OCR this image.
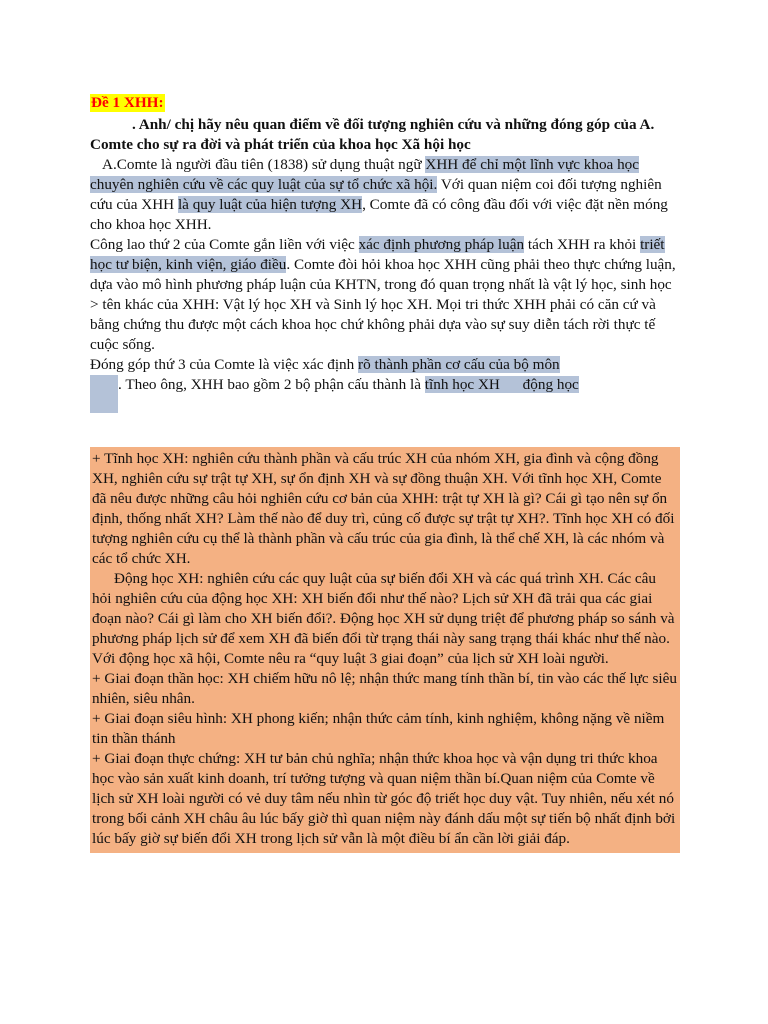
Đề 1 XHH:

. Anh/ chị hãy nêu quan điểm về đối tượng nghiên cứu và những đóng góp của A. Comte cho sự ra đời và phát triển của khoa học Xã hội học

A.Comte là người đầu tiên (1838) sử dụng thuật ngữ XHH để chỉ một lĩnh vực khoa học chuyên nghiên cứu về các quy luật của sự tổ chức xã hội. Với quan niệm coi đối tượng nghiên cứu của XHH là quy luật của hiện tượng XH, Comte đã có công đầu đối với việc đặt nền móng cho khoa học XHH.

Công lao thứ 2 của Comte gắn liền với việc xác định phương pháp luận tách XHH ra khỏi triết học tư biện, kinh viện, giáo điều. Comte đòi hỏi khoa học XHH cũng phải theo thực chứng luận, dựa vào mô hình phương pháp luận của KHTN, trong đó quan trọng nhất là vật lý học, sinh học > tên khác của XHH: Vật lý học XH và Sinh lý học XH. Mọi tri thức XHH phải có căn cứ và bằng chứng thu được một cách khoa học chứ không phải dựa vào sự suy diễn tách rời thực tế cuộc sống.

Đóng góp thứ 3 của Comte là việc xác định rõ thành phần cơ cấu của bộ môn
. Theo ông, XHH bao gồm 2 bộ phận cấu thành là tĩnh học XH động học

+ Tĩnh học XH: nghiên cứu thành phần và cấu trúc XH của nhóm XH, gia đình và cộng đồng XH, nghiên cứu sự trật tự XH, sự ổn định XH và sự đồng thuận XH. Với tĩnh học XH, Comte đã nêu được những câu hỏi nghiên cứu cơ bản của XHH: trật tự XH là gì? Cái gì tạo nên sự ổn định, thống nhất XH? Làm thế nào để duy trì, củng cố được sự trật tự XH?. Tĩnh học XH có đối tượng nghiên cứu cụ thể là thành phần và cấu trúc của gia đình, là thể chế XH, là các nhóm và các tổ chức XH.

Động học XH: nghiên cứu các quy luật của sự biến đổi XH và các quá trình XH. Các câu hỏi nghiên cứu của động học XH: XH biến đổi như thế nào? Lịch sử XH đã trải qua các giai đoạn nào? Cái gì làm cho XH biến đổi?. Động học XH sử dụng triệt để phương pháp so sánh và phương pháp lịch sử để xem XH đã biến đổi từ trạng thái này sang trạng thái khác như thế nào.

Với động học xã hội, Comte nêu ra “quy luật 3 giai đoạn” của lịch sử XH loài người.

+ Giai đoạn thần học: XH chiếm hữu nô lệ; nhận thức mang tính thần bí, tin vào các thế lực siêu nhiên, siêu nhân.

+ Giai đoạn siêu hình: XH phong kiến; nhận thức cảm tính, kinh nghiệm, không nặng về niềm tin thần thánh

+ Giai đoạn thực chứng: XH tư bản chủ nghĩa; nhận thức khoa học và vận dụng tri thức khoa học vào sản xuất kinh doanh, trí tưởng tượng và quan niệm thần bí.Quan niệm của Comte về lịch sử XH loài người có vẻ duy tâm nếu nhìn từ góc độ triết học duy vật. Tuy nhiên, nếu xét nó trong bối cảnh XH châu âu lúc bấy giờ thì quan niệm này đánh dấu một sự tiến bộ nhất định bởi lúc bấy giờ sự biến đổi XH trong lịch sử vẫn là một điều bí ẩn cần lời giải đáp.
